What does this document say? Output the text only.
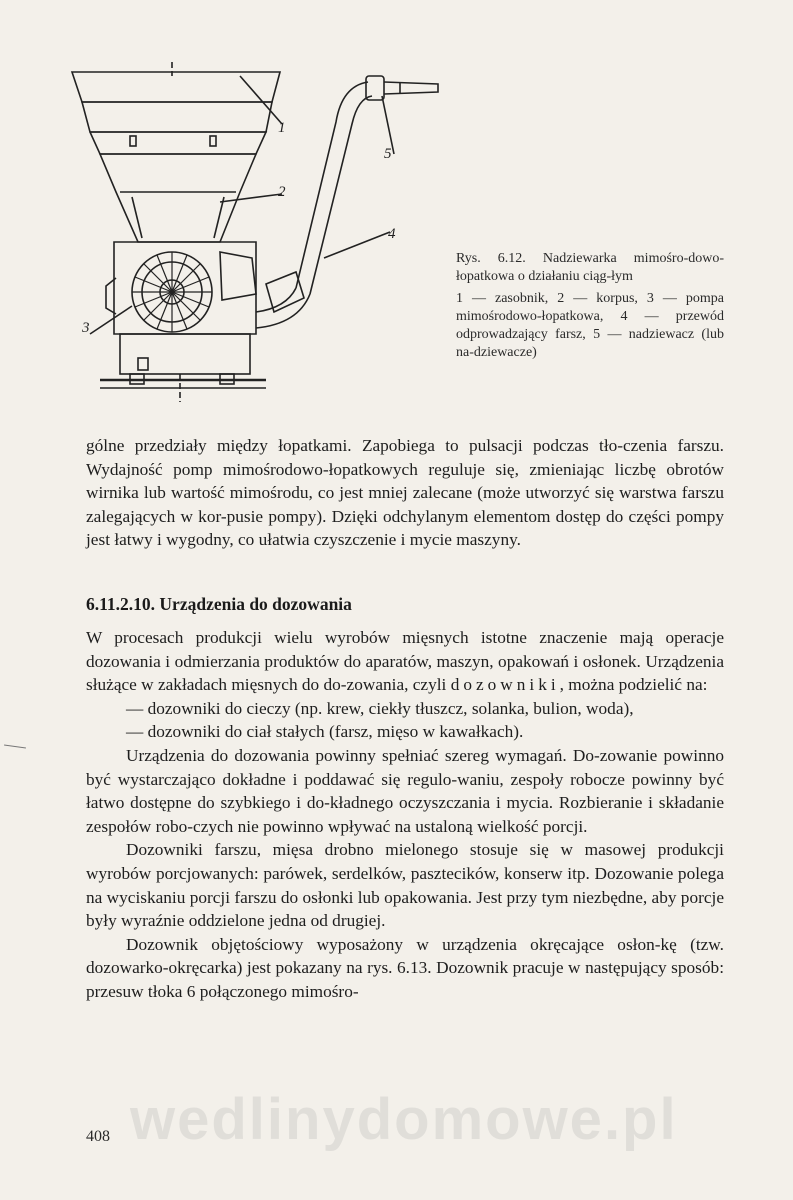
1
2
3
4
5
Rys. 6.12. Nadziewarka mimośro-dowo-łopatkowa o działaniu ciąg-łym
1 — zasobnik, 2 — korpus, 3 — pompa mimośrodowo-łopatkowa, 4 — przewód odprowadzający farsz, 5 — nadziewacz (lub na-dziewacze)

gólne przedziały między łopatkami. Zapobiega to pulsacji podczas tło-czenia farszu. Wydajność pomp mimośrodowo-łopatkowych reguluje się, zmieniając liczbę obrotów wirnika lub wartość mimośrodu, co jest mniej zalecane (może utworzyć się warstwa farszu zalegających w kor-pusie pompy). Dzięki odchylanym elementom dostęp do części pompy jest łatwy i wygodny, co ułatwia czyszczenie i mycie maszyny.

6.11.2.10. Urządzenia do dozowania

W procesach produkcji wielu wyrobów mięsnych istotne znaczenie mają operacje dozowania i odmierzania produktów do aparatów, maszyn, opakowań i osłonek. Urządzenia służące w zakładach mięsnych do do-zowania, czyli dozowniki, można podzielić na:

— dozowniki do cieczy (np. krew, ciekły tłuszcz, solanka, bulion, woda),

— dozowniki do ciał stałych (farsz, mięso w kawałkach).

Urządzenia do dozowania powinny spełniać szereg wymagań. Do-zowanie powinno być wystarczająco dokładne i poddawać się regulo-waniu, zespoły robocze powinny być łatwo dostępne do szybkiego i do-kładnego oczyszczania i mycia. Rozbieranie i składanie zespołów robo-czych nie powinno wpływać na ustaloną wielkość porcji.

Dozowniki farszu, mięsa drobno mielonego stosuje się w masowej produkcji wyrobów porcjowanych: parówek, serdelków, pasztecików, konserw itp. Dozowanie polega na wyciskaniu porcji farszu do osłonki lub opakowania. Jest przy tym niezbędne, aby porcje były wyraźnie oddzielone jedna od drugiej.

Dozownik objętościowy wyposażony w urządzenia okręcające osłon-kę (tzw. dozowarko-okręcarka) jest pokazany na rys. 6.13. Dozownik pracuje w następujący sposób: przesuw tłoka 6 połączonego mimośro-

wedlinydomowe.pl
408
